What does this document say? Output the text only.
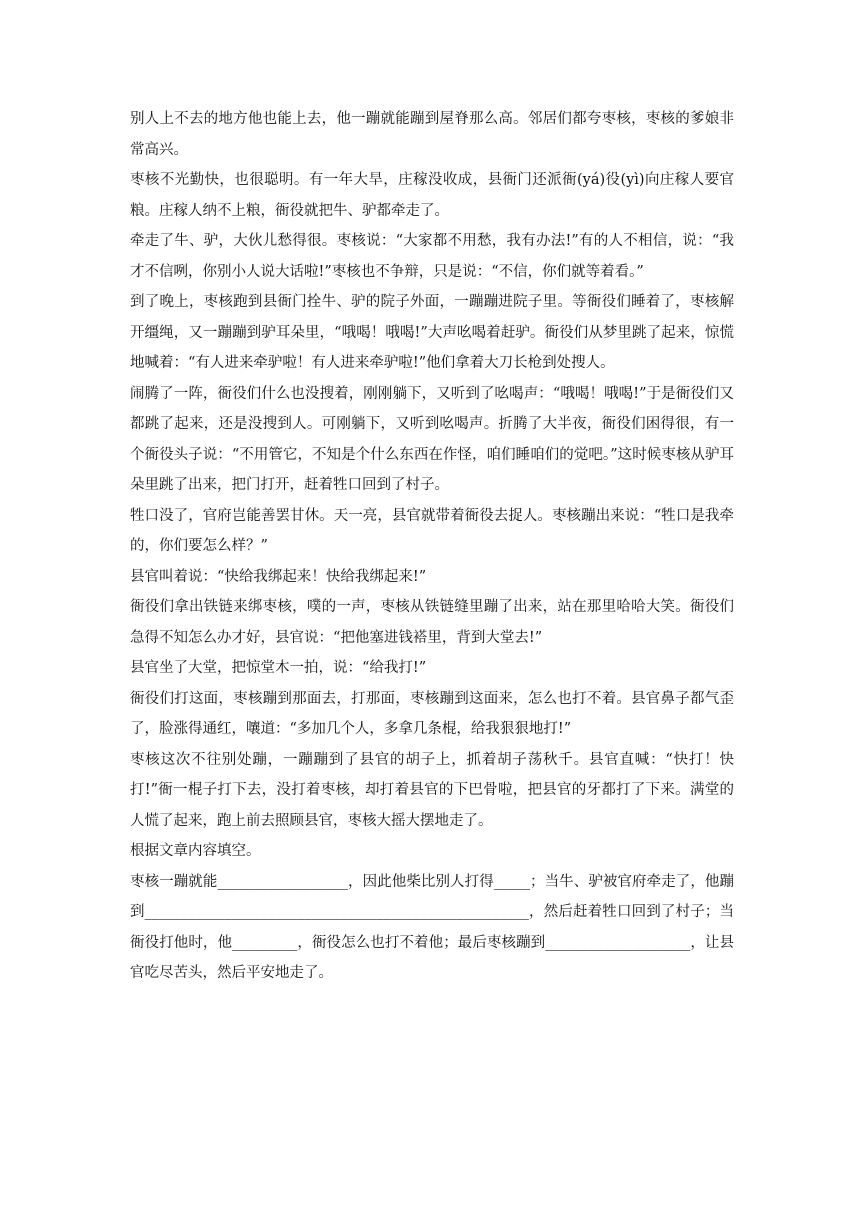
别人上不去的地方他也能上去，他一蹦就能蹦到屋脊那么高。邻居们都夸枣核，枣核的爹娘非常高兴。

枣核不光勤快，也很聪明。有一年大旱，庄稼没收成，县衙门还派衙(yá)役(yì)向庄稼人要官粮。庄稼人纳不上粮，衙役就把牛、驴都牵走了。

牵走了牛、驴，大伙儿愁得很。枣核说：“大家都不用愁，我有办法!”有的人不相信，说：“我才不信咧，你别小人说大话啦!”枣核也不争辩，只是说：“不信，你们就等着看。”

到了晚上，枣核跑到县衙门拴牛、驴的院子外面，一蹦蹦进院子里。等衙役们睡着了，枣核解开缰绳，又一蹦蹦到驴耳朵里，“哦喝！哦喝!”大声吆喝着赶驴。衙役们从梦里跳了起来，惊慌地喊着：“有人进来牵驴啦！有人进来牵驴啦!”他们拿着大刀长枪到处搜人。

闹腾了一阵，衙役们什么也没搜着，刚刚躺下，又听到了吆喝声：“哦喝！哦喝!”于是衙役们又都跳了起来，还是没搜到人。可刚躺下，又听到吆喝声。折腾了大半夜，衙役们困得很，有一个衙役头子说：“不用管它，不知是个什么东西在作怪，咱们睡咱们的觉吧。”这时候枣核从驴耳朵里跳了出来，把门打开，赶着牲口回到了村子。

牲口没了，官府岂能善罢甘休。天一亮，县官就带着衙役去捉人。枣核蹦出来说：“牲口是我牵的，你们要怎么样？”

县官叫着说：“快给我绑起来！快给我绑起来!”

衙役们拿出铁链来绑枣核，噗的一声，枣核从铁链缝里蹦了出来，站在那里哈哈大笑。衙役们急得不知怎么办才好，县官说：“把他塞进钱褡里，背到大堂去!”

县官坐了大堂，把惊堂木一拍，说：“给我打!”

衙役们打这面，枣核蹦到那面去，打那面，枣核蹦到这面来，怎么也打不着。县官鼻子都气歪了，脸涨得通红，嚷道：“多加几个人，多拿几条棍，给我狠狠地打!”

枣核这次不往别处蹦，一蹦蹦到了县官的胡子上，抓着胡子荡秋千。县官直喊：“快打！快打!”衙一棍子打下去，没打着枣核，却打着县官的下巴骨啦，把县官的牙都打了下来。满堂的人慌了起来，跑上前去照顾县官，枣核大摇大摆地走了。

根据文章内容填空。

枣核一蹦就能__________________，因此他柴比别人打得_____；当牛、驴被官府牵走了，他蹦到_____________________________________________________，然后赶着牲口回到了村子；当衙役打他时，他_________，衙役怎么也打不着他；最后枣核蹦到____________________，让县官吃尽苦头，然后平安地走了。
